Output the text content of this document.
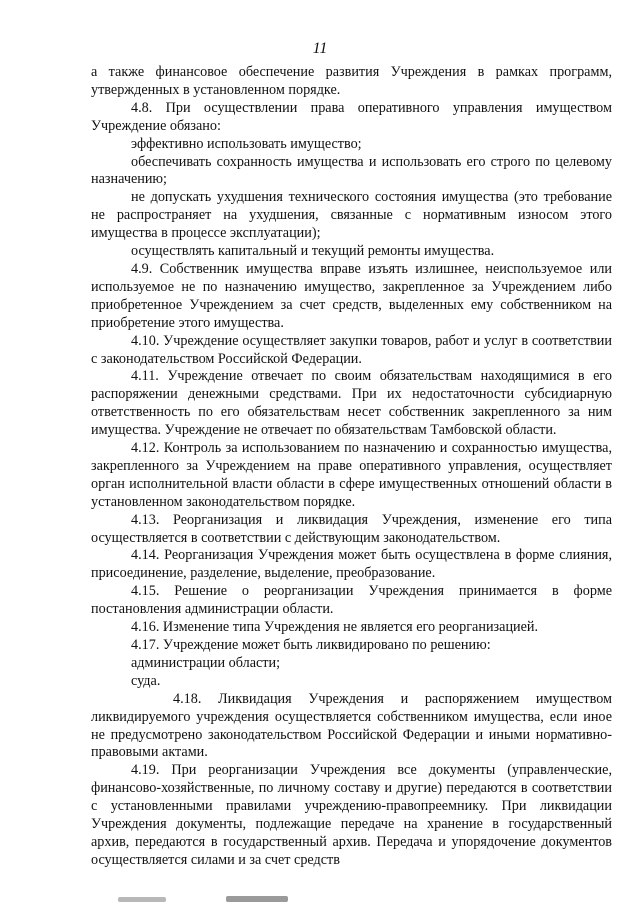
11

а также финансовое обеспечение развития Учреждения в рамках программ, утвержденных в установленном порядке.

4.8. При осуществлении права оперативного управления имуществом Учреждение обязано:

эффективно использовать имущество;

обеспечивать сохранность имущества и использовать его строго по целевому назначению;

не допускать ухудшения технического состояния имущества (это требование не распространяет на ухудшения, связанные с нормативным износом этого имущества в процессе эксплуатации);

осуществлять капитальный и текущий ремонты имущества.

4.9. Собственник имущества вправе изъять излишнее, неиспользуемое или используемое не по назначению имущество, закрепленное за Учреждением либо приобретенное Учреждением за счет средств, выделенных ему собственником на приобретение этого имущества.

4.10. Учреждение осуществляет закупки товаров, работ и услуг в соответствии с законодательством Российской Федерации.

4.11. Учреждение отвечает по своим обязательствам находящимися в его распоряжении денежными средствами. При их недостаточности субсидиарную ответственность по его обязательствам несет собственник закрепленного за ним имущества. Учреждение не отвечает по обязательствам Тамбовской области.

4.12. Контроль за использованием по назначению и сохранностью имущества, закрепленного за Учреждением на праве оперативного управления, осуществляет орган исполнительной власти области в сфере имущественных отношений области в установленном законодательством порядке.

4.13. Реорганизация и ликвидация Учреждения, изменение его типа осуществляется в соответствии с действующим законодательством.

4.14. Реорганизация Учреждения может быть осуществлена в форме слияния, присоединение, разделение, выделение, преобразование.

4.15. Решение о реорганизации Учреждения принимается в форме постановления администрации области.

4.16. Изменение типа Учреждения не является его реорганизацией.

4.17. Учреждение может быть ликвидировано по решению:

администрации области;

суда.

4.18. Ликвидация Учреждения и распоряжением имуществом ликвидируемого учреждения осуществляется собственником имущества, если иное не предусмотрено законодательством Российской Федерации и иными нормативно-правовыми актами.

4.19. При реорганизации Учреждения все документы (управленческие, финансово-хозяйственные, по личному составу и другие) передаются в соответствии с установленными правилами учреждению-правопреемнику. При ликвидации Учреждения документы, подлежащие передаче на хранение в государственный архив, передаются в государственный архив. Передача и упорядочение документов осуществляется силами и за счет средств
